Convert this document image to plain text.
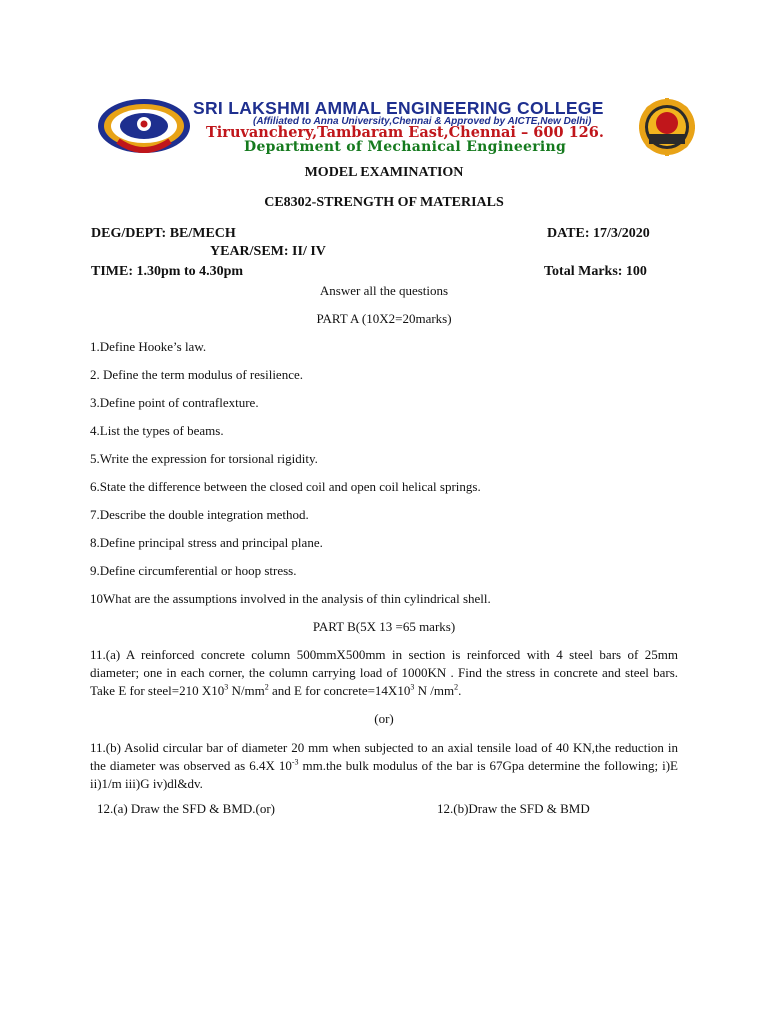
SRI LAKSHMI AMMAL ENGINEERING COLLEGE
(Affiliated to Anna University,Chennai & Approved by AICTE,New Delhi)
Tiruvanchery,Tambaram East,Chennai – 600 126.
Department of Mechanical Engineering
MODEL EXAMINATION
CE8302-STRENGTH OF MATERIALS
DEG/DEPT: BE/MECH	DATE: 17/3/2020
YEAR/SEM: II/ IV
TIME: 1.30pm to 4.30pm	Total Marks: 100
Answer all the questions
PART A (10X2=20marks)
1.Define Hooke’s law.
2. Define the term modulus of resilience.
3.Define point of contraflexture.
4.List the types of beams.
5.Write the expression for torsional rigidity.
6.State the difference between the closed coil and open coil helical springs.
7.Describe the double integration method.
8.Define principal stress and principal plane.
9.Define circumferential or hoop stress.
10What are the assumptions involved in the analysis of thin cylindrical shell.
PART B(5X 13 =65 marks)
11.(a) A reinforced concrete column 500mmX500mm in section is reinforced with 4 steel bars of 25mm diameter; one in each corner, the column carrying load of 1000KN . Find the stress in concrete and steel bars. Take E for steel=210 $X10^3$ $N/mm^2$ and E for $concrete=14X10^3$ N $/mm^2$.
(or)
11.(b) Asolid circular bar of diameter 20 mm when subjected to an axial tensile load of 40 KN,the reduction in the diameter was observed as 6.4X $10^{-3}$ mm.the bulk modulus of the bar is 67Gpa determine the following; i)E ii)1/m iii)G iv)dl&dv.
12.(a) Draw the SFD & BMD.(or)	12.(b)Draw the SFD & BMD
